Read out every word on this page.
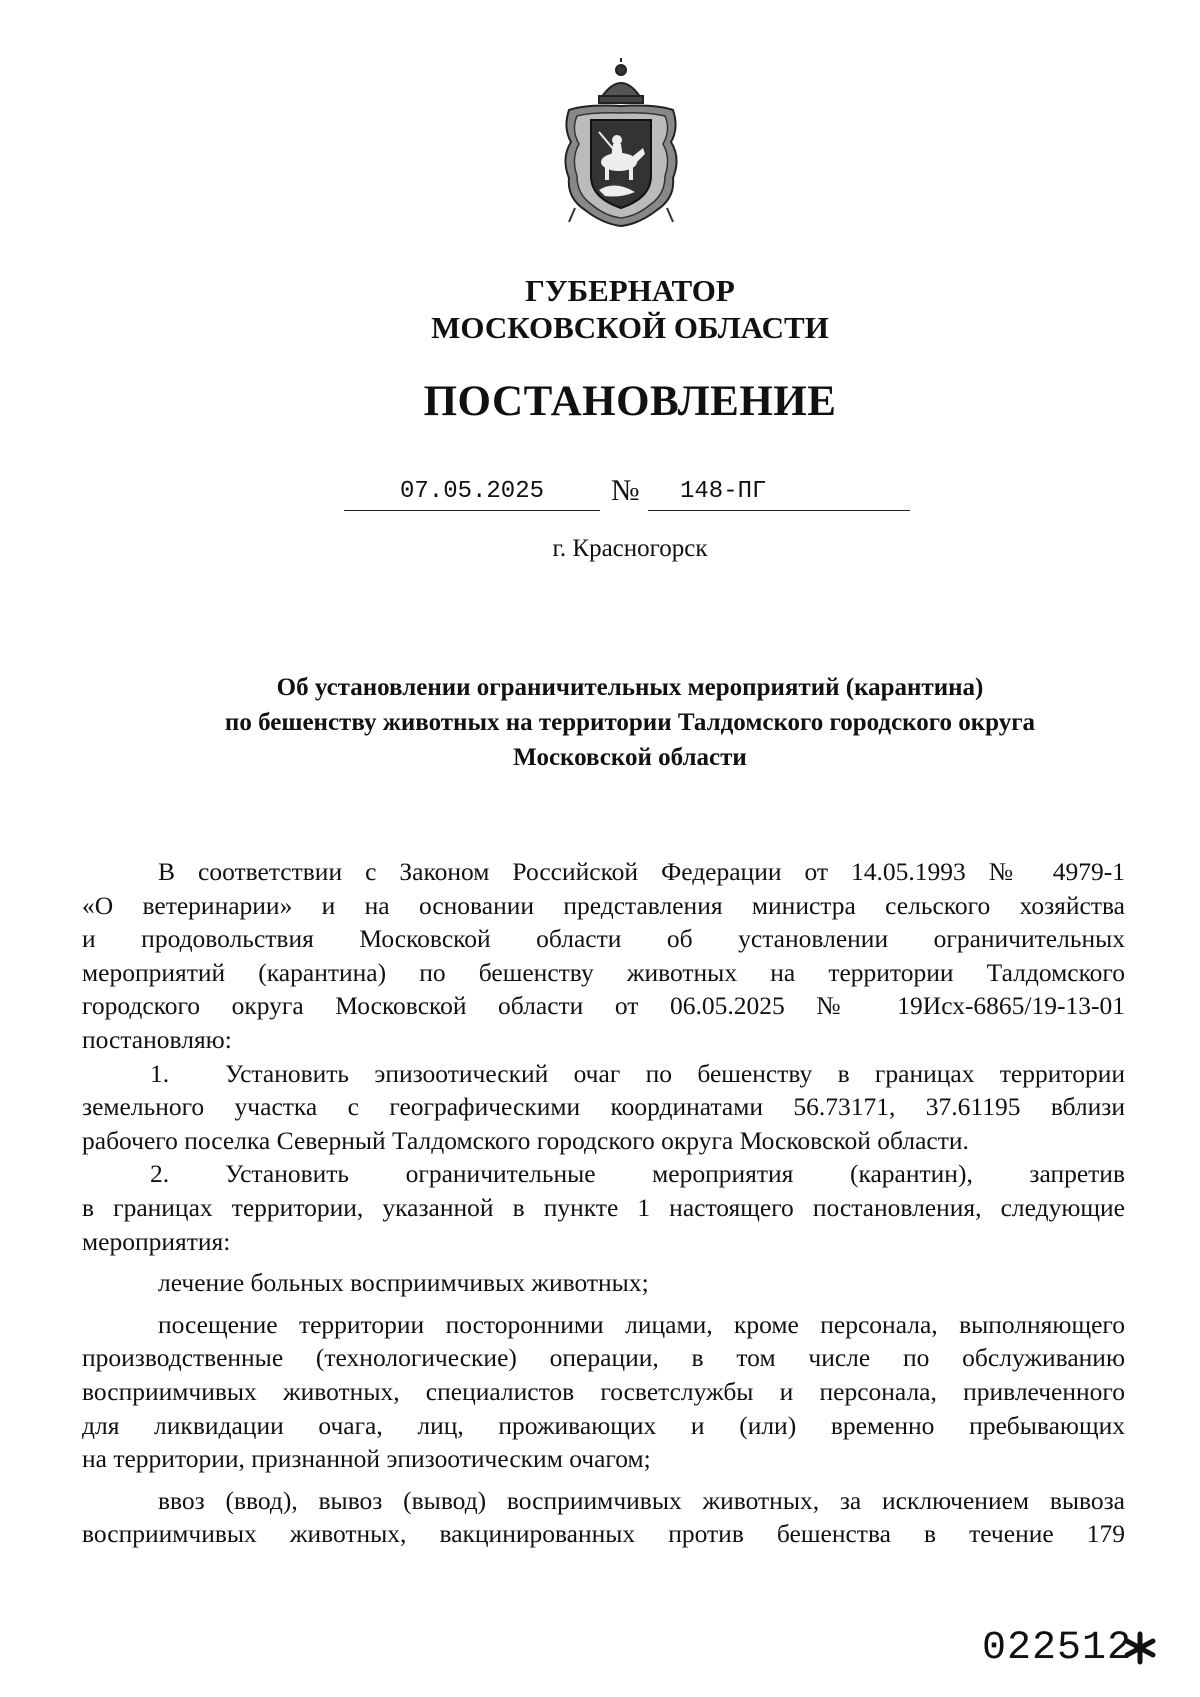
ГУБЕРНАТОР
МОСКОВСКОЙ ОБЛАСТИ
ПОСТАНОВЛЕНИЕ
07.05.2025	№	148-ПГ
г. Красногорск
Об установлении ограничительных мероприятий (карантина)
по бешенству животных на территории Талдомского городского округа
Московской области

В соответствии с Законом Российской Федерации от 14.05.1993 № 4979-1

«О ветеринарии» и на основании представления министра сельского хозяйства

и продовольствия Московской области об установлении ограничительных

мероприятий (карантина) по бешенству животных на территории Талдомского

городского округа Московской области от 06.05.2025 № 19Исх-6865/19-13-01

постановляю:

1. Установить эпизоотический очаг по бешенству в границах территории

земельного участка с географическими координатами 56.73171, 37.61195 вблизи

рабочего поселка Северный Талдомского городского округа Московской области.

2. Установить ограничительные мероприятия (карантин), запретив

в границах территории, указанной в пункте 1 настоящего постановления, следующие

мероприятия:

лечение больных восприимчивых животных;

посещение территории посторонними лицами, кроме персонала, выполняющего

производственные (технологические) операции, в том числе по обслуживанию

восприимчивых животных, специалистов госветслужбы и персонала, привлеченного

для ликвидации очага, лиц, проживающих и (или) временно пребывающих

на территории, признанной эпизоотическим очагом;

ввоз (ввод), вывоз (вывод) восприимчивых животных, за исключением вывоза

восприимчивых животных, вакцинированных против бешенства в течение 179

022512
